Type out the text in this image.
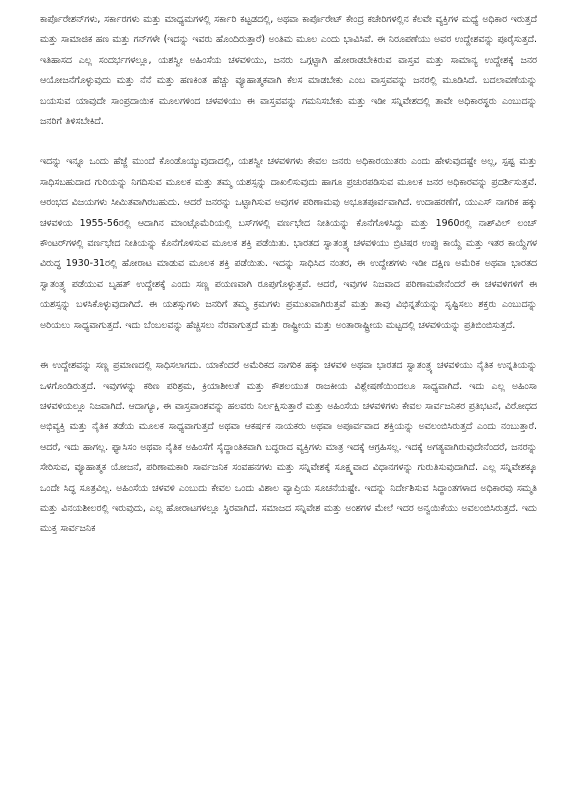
ಕಾರ್ಪೊರೇಶನ್‌ಗಳು, ಸರ್ಕಾರಗಳು ಮತ್ತು ಮಾಧ್ಯಮಗಳಲ್ಲಿ ಸರ್ಕಾರಿ ಕಟ್ಟಡದಲ್ಲಿ, ಅಥವಾ ಕಾರ್ಪೊರೇಟ್ ಕೇಂದ್ರ ಕಚೇರಿಗಳಲ್ಲಿನ ಕೆಲವೇ ವ್ಯಕ್ತಿಗಳ ಮಧ್ಯೆ ಅಧಿಕಾರ ಇರುತ್ತದೆ ಮತ್ತು ಸಾಮಾಜಿಕ ಹಣ ಮತ್ತು ಗನ್‌ಗಳೇ (ಇದನ್ನು ಇವರು ಹೊಂದಿರುತ್ತಾರೆ) ಅಂತಿಮ ಮೂಲ ಎಂದು ಭಾವಿಸಿವೆ. ಈ ನಿರೂಪಣೆಯು ಅವರ ಉದ್ದೇಶವನ್ನು ಪೂರೈಸುತ್ತದೆ. ಇತಿಹಾಸದ ಎಲ್ಲ ಸಂದರ್ಭಗಳಲ್ಲೂ, ಯಶಸ್ವೀ ಅಹಿಂಸೆಯ ಚಳವಳಿಯು, ಜನರು ಒಗ್ಗಟ್ಟಾಗಿ ಹೋರಾಡಬೇಕಿರುವ ವಾಸ್ತವ ಮತ್ತು ಸಾಮಾನ್ಯ ಉದ್ದೇಶಕ್ಕೆ ಜನರ ಆಯೋಜನೆಗೊಳ್ಳುವುದು ಮತ್ತು ನೆನೆ ಮತ್ತು ಹಣಕಿಂತ ಹೆಚ್ಚು ವ್ಯೂಹಾತ್ಮಕವಾಗಿ ಕೆಲಸ ಮಾಡಬೇಕು ಎಂಬ ವಾಸ್ತವವನ್ನು ಜನರಲ್ಲಿ ಮೂಡಿಸಿದೆ. ಬದಲಾವಣೆಯನ್ನು ಬಯಸುವ ಯಾವುದೇ ಸಾಂಪ್ರದಾಯಿಕ ಮೂಲಗಳಿಂದ ಚಳವಳಿಯು ಈ ವಾಸ್ತವವನ್ನು ಗಮನಿಸಬೇಕು ಮತ್ತು ಇಡೀ ಸನ್ನಿವೇಶದಲ್ಲಿ ತಾವೇ ಅಧಿಕಾರಸ್ಥರು ಎಂಬುದನ್ನು ಜನರಿಗೆ ತಿಳಿಸಬೇಕಿದೆ.

ಇದನ್ನು ಇನ್ನೂ ಒಂದು ಹೆಜ್ಜೆ ಮುಂದೆ ಕೊಂಡೊಯ್ಯುವುದಾದಲ್ಲಿ, ಯಶಸ್ವೀ ಚಳವಳಿಗಳು ಕೇವಲ ಜನರು ಅಧಿಕಾರಯುತರು ಎಂದು ಹೇಳುವುದಷ್ಟೇ ಅಲ್ಲ, ಸ್ಪಷ್ಟ ಮತ್ತು ಸಾಧಿಸಬಹುದಾದ ಗುರಿಯನ್ನು ನಿಗದಿಸುವ ಮೂಲಕ ಮತ್ತು ತಮ್ಮ ಯಶಸ್ಸನ್ನು ದಾಖಲಿಸುವುದು ಹಾಗೂ ಪ್ರಚುರಪಡಿಸುವ ಮೂಲಕ ಜನರ ಅಧಿಕಾರವನ್ನು ಪ್ರದರ್ಶಿಸುತ್ತವೆ. ಆರಂಭದ ವಿಜಯಗಳು ಸೀಮಿತವಾಗಿರಬಹುದು. ಆದರೆ ಜನರನ್ನು ಒಟ್ಟಾಗಿಸುವ ಅವುಗಳ ಪರಿಣಾಮವು ಅಭೂತಪೂರ್ವವಾಗಿದೆ. ಉದಾಹರಣೆಗೆ, ಯುಎಸ್ ನಾಗರಿಕ ಹಕ್ಕು ಚಳವಳಿಯ 1955-56ರಲ್ಲಿ ಆದಾಗಿನ ಮಾಂಟ್ಗೊಮೆರಿಯಲ್ಲಿ ಬಸ್‌ಗಳಲ್ಲಿ ವರ್ಣಭೇದ ನೀತಿಯನ್ನು ಕೊನೆಗೊಳಿಸಿದ್ದು ಮತ್ತು 1960ರಲ್ಲಿ ನಾಶ್‌ವಿಲ್ ಲಂಚ್ ಕೌಂಟರ್‌ಗಳಲ್ಲಿ ವರ್ಣಭೇದ ನೀತಿಯನ್ನು ಕೊನೆಗೊಳಿಸುವ ಮೂಲಕ ಶಕ್ತಿ ಪಡೆಯಿತು. ಭಾರತದ ಸ್ವಾತಂತ್ರ್ಯ ಚಳವಳಿಯು ಬ್ರಿಟಿಷರ ಉಪ್ಪು ಕಾಯ್ದೆ ಮತ್ತು ಇತರ ಕಾಯ್ದೆಗಳ ವಿರುದ್ಧ 1930-31ರಲ್ಲಿ ಹೋರಾಟ ಮಾಡುವ ಮೂಲಕ ಶಕ್ತಿ ಪಡೆಯಿತು. ಇದನ್ನು ಸಾಧಿಸಿದ ನಂತರ, ಈ ಉದ್ದೇಶಗಳು ಇಡೀ ದಕ್ಷಿಣ ಅಮೆರಿಕ ಅಥವಾ ಭಾರತದ ಸ್ವಾತಂತ್ರ್ಯ ಪಡೆಯುವ ಬೃಹತ್ ಉದ್ದೇಶಕ್ಕೆ ಎಂದು ಸಣ್ಣ ಪಯಣವಾಗಿ ರೂಪುಗೊಳ್ಳುತ್ತವೆ. ಆದರೆ, ಇವುಗಳ ನಿಜವಾದ ಪರಿಣಾಮವೇನೆಂದರೆ ಈ ಚಳವಳಿಗಳಿಗೆ ಈ ಯಶಸ್ಸನ್ನು ಬಳಸಿಕೊಳ್ಳುವುದಾಗಿದೆ. ಈ ಯಶಸ್ಸುಗಳು ಜನರಿಗೆ ತಮ್ಮ ಕ್ರಮಗಳು ಪ್ರಮುಖವಾಗಿರುತ್ತವೆ ಮತ್ತು ತಾವು ವಿಭಿನ್ನತೆಯನ್ನು ಸೃಷ್ಟಿಸಲು ಶಕ್ತರು ಎಂಬುದನ್ನು ಅರಿಯಲು ಸಾಧ್ಯವಾಗುತ್ತದೆ. ಇದು ಬೆಂಬಲವನ್ನು ಹೆಚ್ಚಿಸಲು ನೆರವಾಗುತ್ತದೆ ಮತ್ತು ರಾಷ್ಟ್ರೀಯ ಮತ್ತು ಅಂತಾರಾಷ್ಟ್ರೀಯ ಮಟ್ಟದಲ್ಲಿ ಚಳವಳಿಯನ್ನು ಪ್ರತಿಬಿಂಬಿಸುತ್ತದೆ.

ಈ ಉದ್ದೇಶವನ್ನು ಸಣ್ಣ ಪ್ರಮಾಣದಲ್ಲಿ ಸಾಧಿಸಲಾಗದು. ಯಾಕೆಂದರೆ ಅಮೆರಿಕದ ನಾಗರಿಕ ಹಕ್ಕು ಚಳವಳಿ ಅಥವಾ ಭಾರತದ ಸ್ವಾತಂತ್ರ್ಯ ಚಳವಳಿಯು ನೈತಿಕ ಉನ್ನತಿಯನ್ನು ಒಳಗೊಂಡಿರುತ್ತದೆ. ಇವುಗಳನ್ನು ಕಠಿಣ ಪರಿಶ್ರಮ, ಕ್ರಿಯಾಶೀಲತೆ ಮತ್ತು ಕೌಶಲಯುತ ರಾಜಕೀಯ ವಿಶ್ಲೇಷಣೆಯಿಂದಲೂ ಸಾಧ್ಯವಾಗಿದೆ. ಇದು ಎಲ್ಲ ಅಹಿಂಸಾ ಚಳವಳಿಯಲ್ಲೂ ನಿಜವಾಗಿದೆ. ಆದಾಗ್ಯೂ, ಈ ವಾಸ್ತವಾಂಶವನ್ನು ಹಲವರು ನಿರ್ಲಕ್ಷಿಸುತ್ತಾರೆ ಮತ್ತು ಅಹಿಂಸೆಯ ಚಳವಳಿಗಳು ಕೇವಲ ಸಾರ್ವಜನಿಕರ ಪ್ರತಿಭಟನೆ, ವಿರೋಧದ ಅಭಿವ್ಯಕ್ತಿ ಮತ್ತು ನೈತಿಕ ತಡೆಯ ಮೂಲಕ ಸಾಧ್ಯವಾಗುತ್ತದೆ ಅಥವಾ ಆಕರ್ಷಕ ನಾಯಕರು ಅಥವಾ ಅಪೂರ್ವವಾದ ಶಕ್ತಿಯನ್ನು ಅವಲಂಬಿಸಿರುತ್ತದೆ ಎಂದು ನಂಬುತ್ತಾರೆ. ಆದರೆ, ಇದು ಹಾಗಲ್ಲ. ಫ್ಯಾಸಿಸಂ ಅಥವಾ ನೈತಿಕ ಅಹಿಂಸೆಗೆ ಸೈದ್ಧಾಂತಿಕವಾಗಿ ಬದ್ಧರಾದ ವ್ಯಕ್ತಿಗಳು ಮಾತ್ರ ಇದಕ್ಕೆ ಆಗ್ರಹಿಸಲ್ಲ. ಇದಕ್ಕೆ ಅಗತ್ಯವಾಗಿರುವುದೇನೆಂದರೆ, ಜನರನ್ನು ಸೇರಿಸುವ, ವ್ಯೂಹಾತ್ಮಕ ಯೋಜನೆ, ಪರಿಣಾಮಕಾರಿ ಸಾರ್ವಜನಿಕ ಸಂವಹನಗಳು ಮತ್ತು ಸನ್ನಿವೇಶಕ್ಕೆ ಸೂಕ್ಷ್ಮವಾದ ವಿಧಾನಗಳನ್ನು ಗುರುತಿಸುವುದಾಗಿದೆ. ಎಲ್ಲ ಸನ್ನಿವೇಶಕ್ಕೂ ಒಂದೇ ಸಿದ್ಧ ಸೂತ್ರವಿಲ್ಲ. ಅಹಿಂಸೆಯ ಚಳವಳಿ ಎಂಬುದು ಕೇವಲ ಒಂದು ವಿಶಾಲ ವ್ಯಾಪ್ತಿಯ ಸೂಚನೆಯಷ್ಟೇ. ಇದನ್ನು ನಿರ್ದೇಶಿಸುವ ಸಿದ್ಧಾಂತಗಳಾದ ಅಧಿಕಾರವು ಸಮ್ಮತಿ ಮತ್ತು ವಿನಯಶೀಲರಲ್ಲಿ ಇರುವುದು, ಎಲ್ಲ ಹೋರಾಟಗಳಲ್ಲೂ ಸ್ಥಿರವಾಗಿದೆ. ಸಮಾಜದ ಸನ್ನಿವೇಶ ಮತ್ತು ಅಂಶಗಳ ಮೇಲೆ ಇದರ ಅನ್ವಯಿಕೆಯು ಅವಲಂಬಿಸಿರುತ್ತದೆ. ಇದು ಮುಕ್ತ ಸಾರ್ವಜನಿಕ
